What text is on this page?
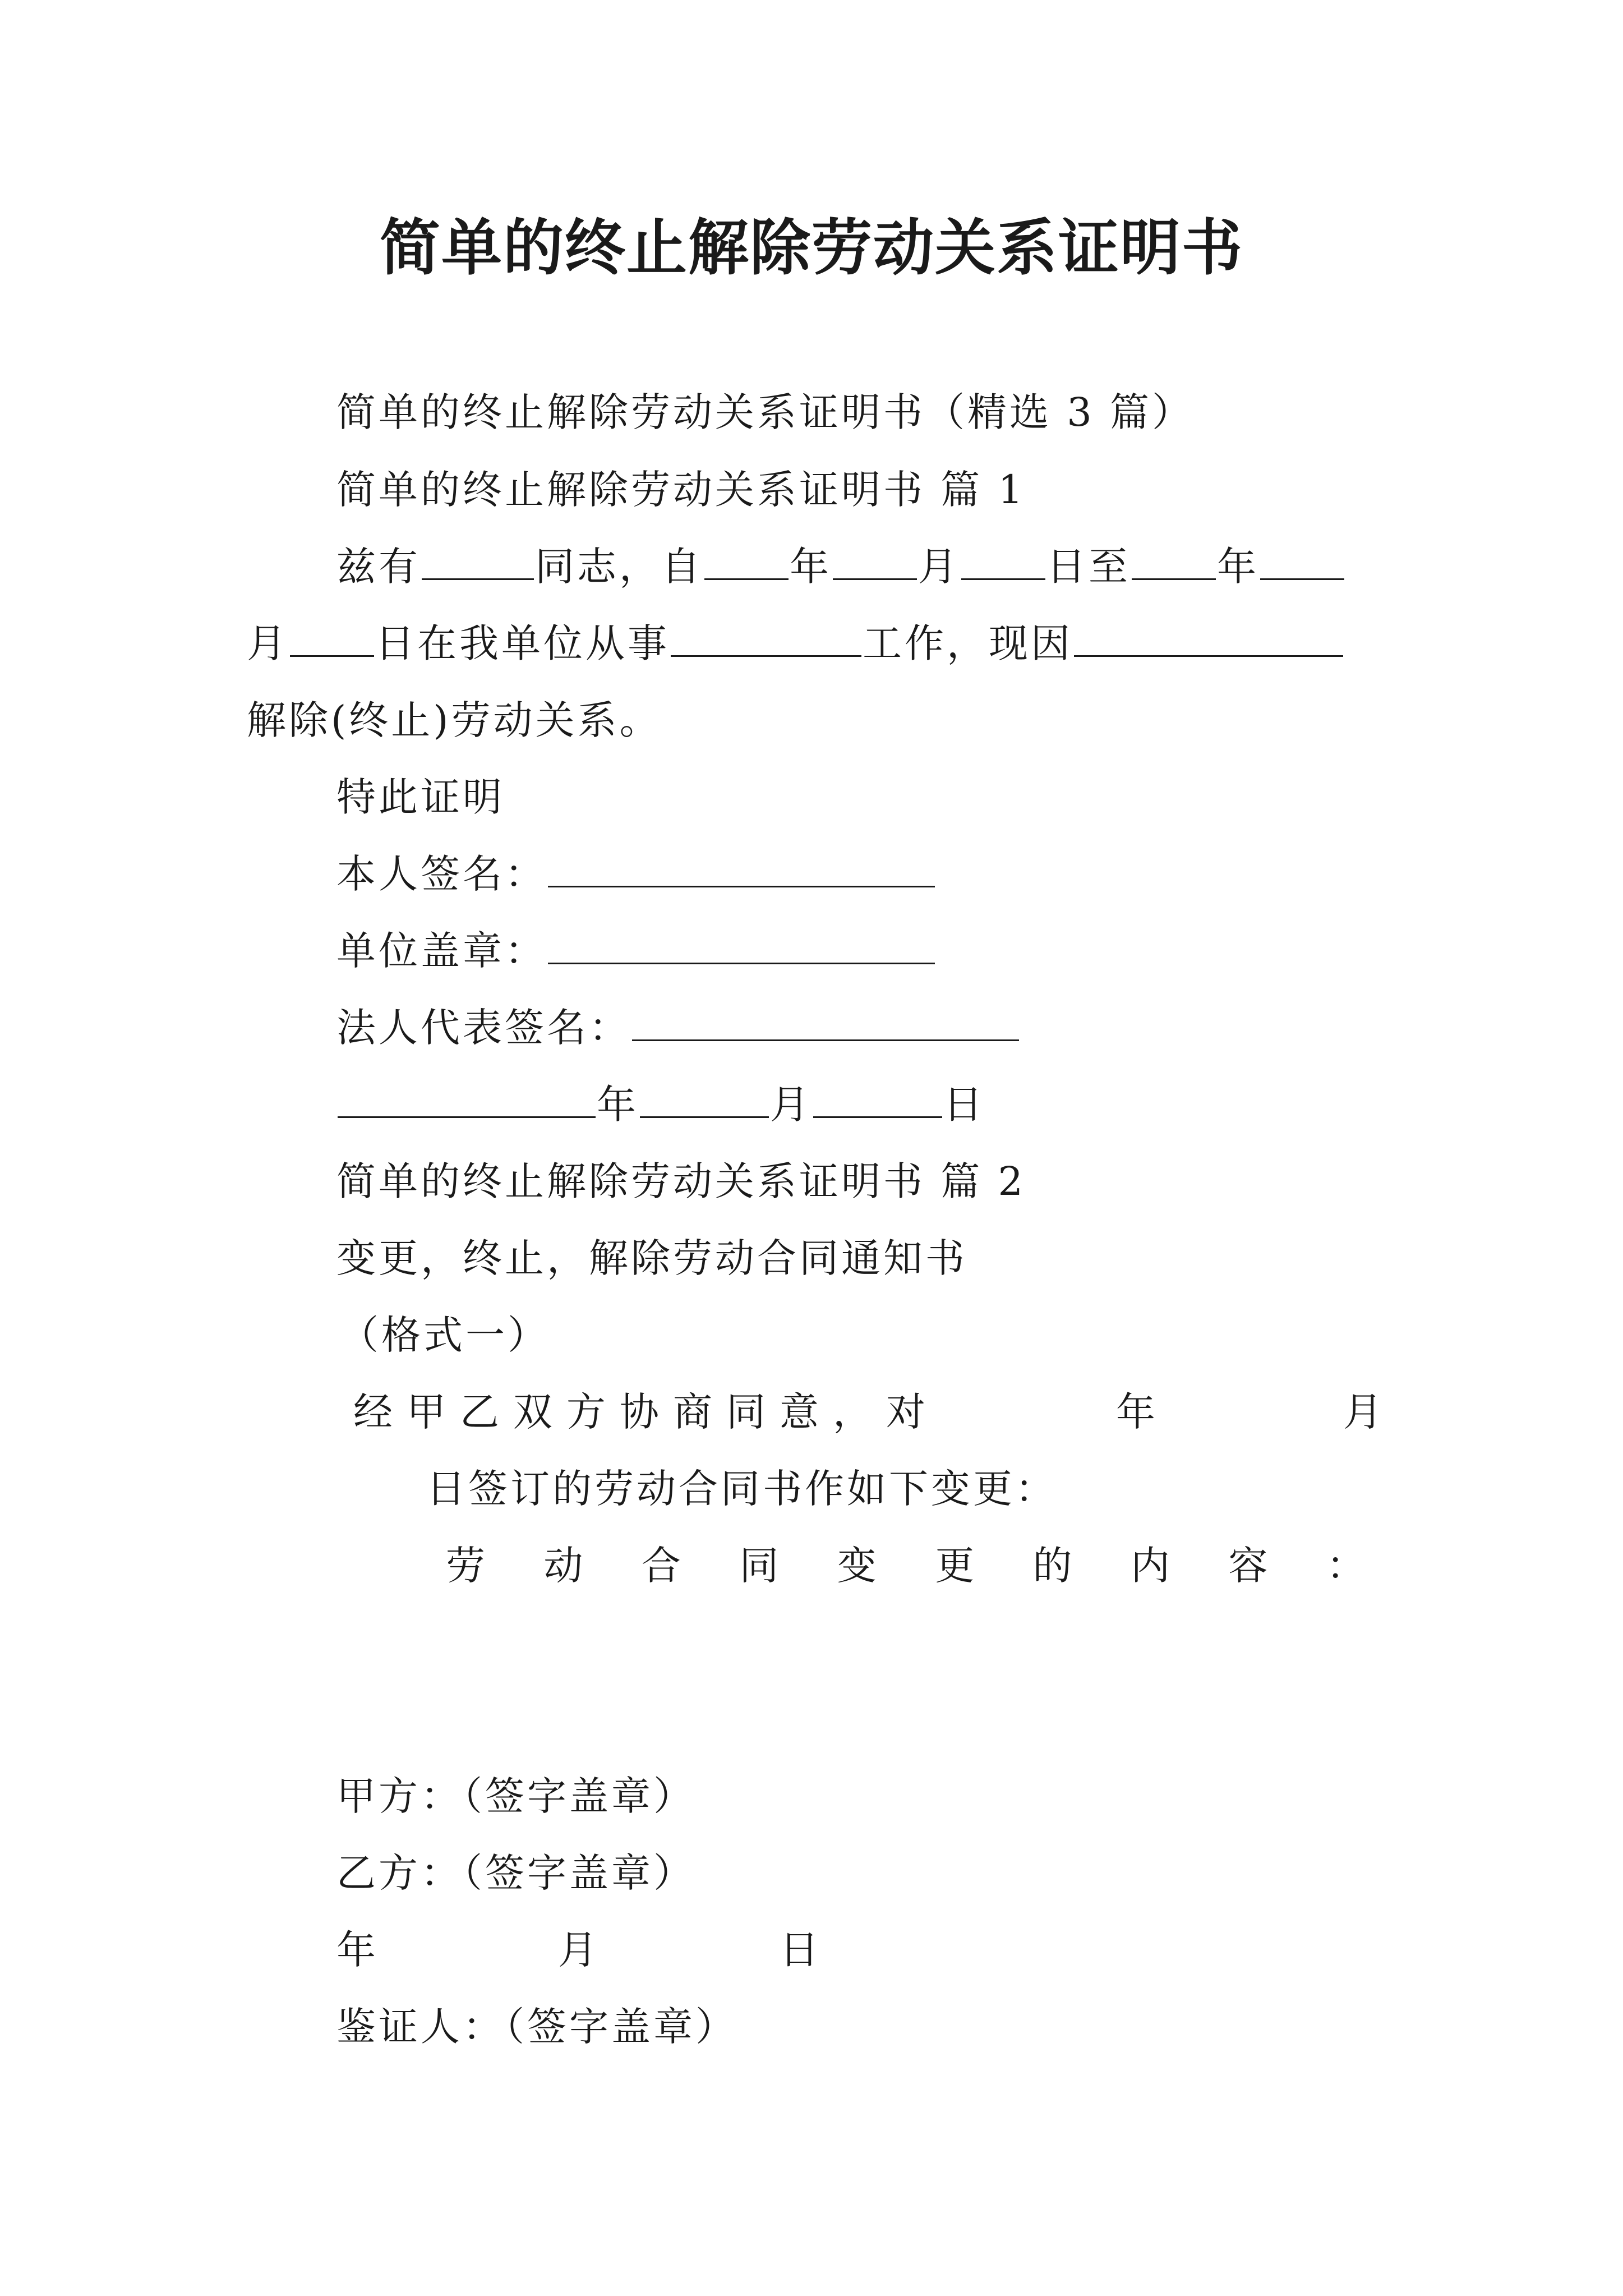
简单的终止解除劳动关系证明书
简单的终止解除劳动关系证明书（精选 3 篇）
简单的终止解除劳动关系证明书 篇 1
兹有	同志，自 年 月 日至 年
月 日在我单位从事	工作，现因
解除(终止)劳动关系。
特此证明
本人签名：
单位盖章：
法人代表签名：
年	月	日
简单的终止解除劳动关系证明书 篇 2
变更，终止，解除劳动合同通知书
（格式一）
经 甲 乙 双 方 协 商 同 意 ， 对	年	月
日签订的劳动合同书作如下变更：
劳 动 合 同 变 更 的 内 容 ：
甲方：（签字盖章）
乙方：（签字盖章）
年	月	日
鉴证人：（签字盖章）
